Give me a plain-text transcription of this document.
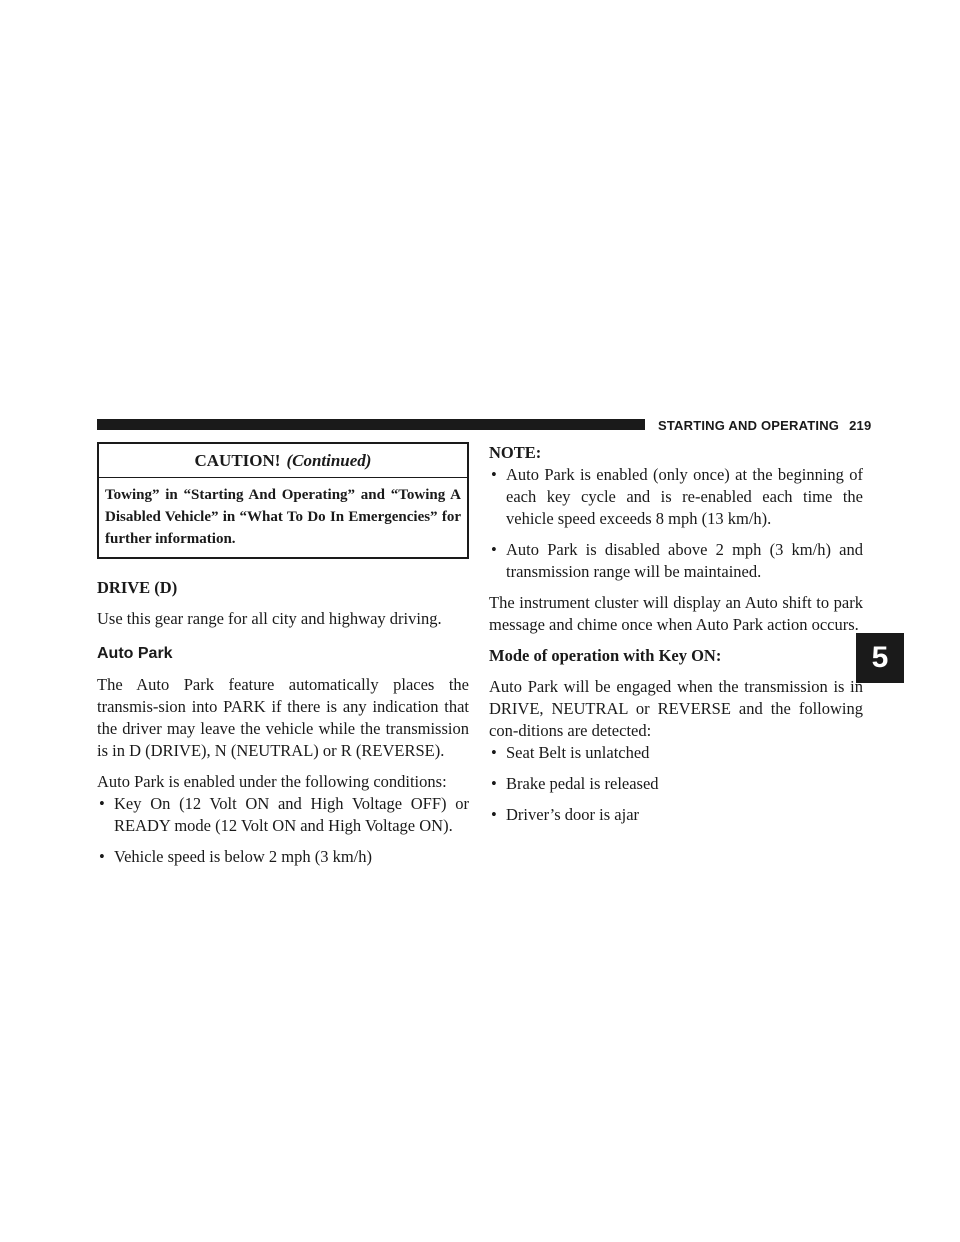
STARTING AND OPERATING 219
5
CAUTION! (Continued)
Towing” in “Starting And Operating” and “Towing A Disabled Vehicle” in “What To Do In Emergencies” for further information.

DRIVE (D)

Use this gear range for all city and highway driving.

Auto Park

The Auto Park feature automatically places the transmis-sion into PARK if there is any indication that the driver may leave the vehicle while the transmission is in D (DRIVE), N (NEUTRAL) or R (REVERSE).

Auto Park is enabled under the following conditions:

• Key On (12 Volt ON and High Voltage OFF) or READY mode (12 Volt ON and High Voltage ON).
• Vehicle speed is below 2 mph (3 km/h)

NOTE:

• Auto Park is enabled (only once) at the beginning of each key cycle and is re-enabled each time the vehicle speed exceeds 8 mph (13 km/h).
• Auto Park is disabled above 2 mph (3 km/h) and transmission range will be maintained.

The instrument cluster will display an Auto shift to park message and chime once when Auto Park action occurs.

Mode of operation with Key ON:

Auto Park will be engaged when the transmission is in DRIVE, NEUTRAL or REVERSE and the following con-ditions are detected:

• Seat Belt is unlatched
• Brake pedal is released
• Driver’s door is ajar
